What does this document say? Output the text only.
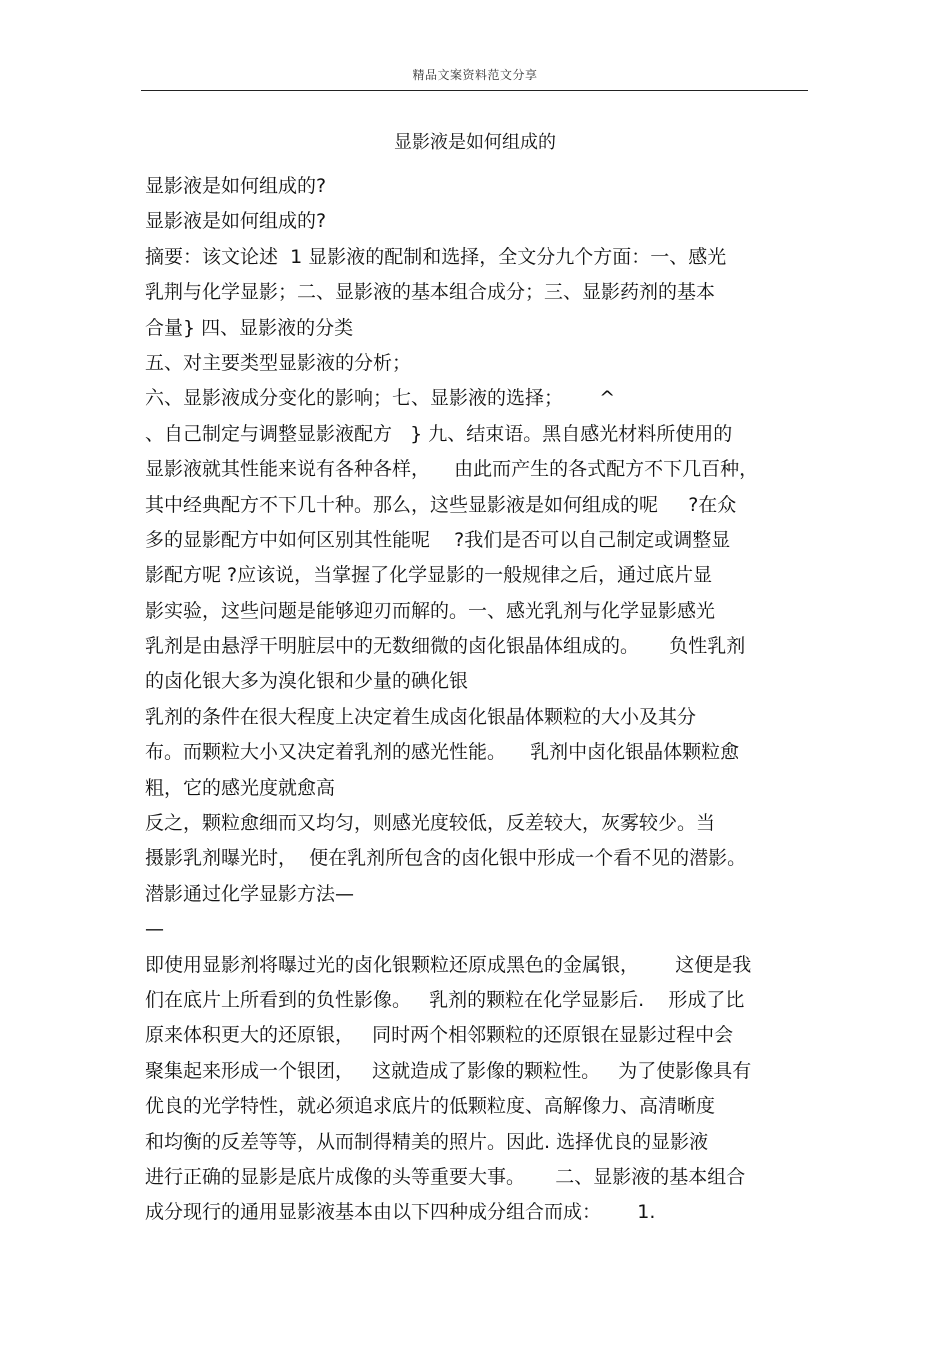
精品文案资料范文分享
显影液是如何组成的
显影液是如何组成的?
显影液是如何组成的?
摘要：该文论述  1 显影液的配制和选择，全文分九个方面：一、感光
乳荆与化学显影；二、显影液的基本组合成分；三、显影药剂的基本
合量} 四、显影液的分类
五、对主要类型显影液的分析；
六、显影液成分变化的影响；七、显影液的选择；      ^
、自己制定与调整显影液配方   } 九、结束语。黑自感光材料所使用的
显影液就其性能来说有各种各样，    由此而产生的各式配方不下几百种，
其中经典配方不下几十种。那么，这些显影液是如何组成的呢     ?在众
多的显影配方中如何区别其性能呢    ?我们是否可以自己制定或调整显
影配方呢 ?应该说，当掌握了化学显影的一般规律之后，通过底片显
影实验，这些问题是能够迎刃而解的。一、感光乳剂与化学显影感光
乳剂是由悬浮干明脏层中的无数细微的卤化银晶体组成的。     负性乳剂
的卤化银大多为溴化银和少量的碘化银
乳剂的条件在很大程度上决定着生成卤化银晶体颗粒的大小及其分
布。而颗粒大小又决定着乳剂的感光性能。    乳剂中卤化银晶体颗粒愈
粗，它的感光度就愈高
反之，颗粒愈细而又均匀，则感光度较低，反差较大，灰雾较少。当
摄影乳剂曝光时，  便在乳剂所包含的卤化银中形成一个看不见的潜影。
潜影通过化学显影方法—
—
即使用显影剂将曝过光的卤化银颗粒还原成黑色的金属银，      这便是我
们在底片上所看到的负性影像。   乳剂的颗粒在化学显影后.    形成了比
原来体积更大的还原银，   同时两个相邻颗粒的还原银在显影过程中会
聚集起来形成一个银团，   这就造成了影像的颗粒性。   为了使影像具有
优良的光学特性，就必须追求底片的低颗粒度、高解像力、高清晰度
和均衡的反差等等，从而制得精美的照片。因此. 选择优良的显影液
进行正确的显影是底片成像的头等重要大事。     二、显影液的基本组合
成分现行的通用显影液基本由以下四种成分组合而成：      1.
